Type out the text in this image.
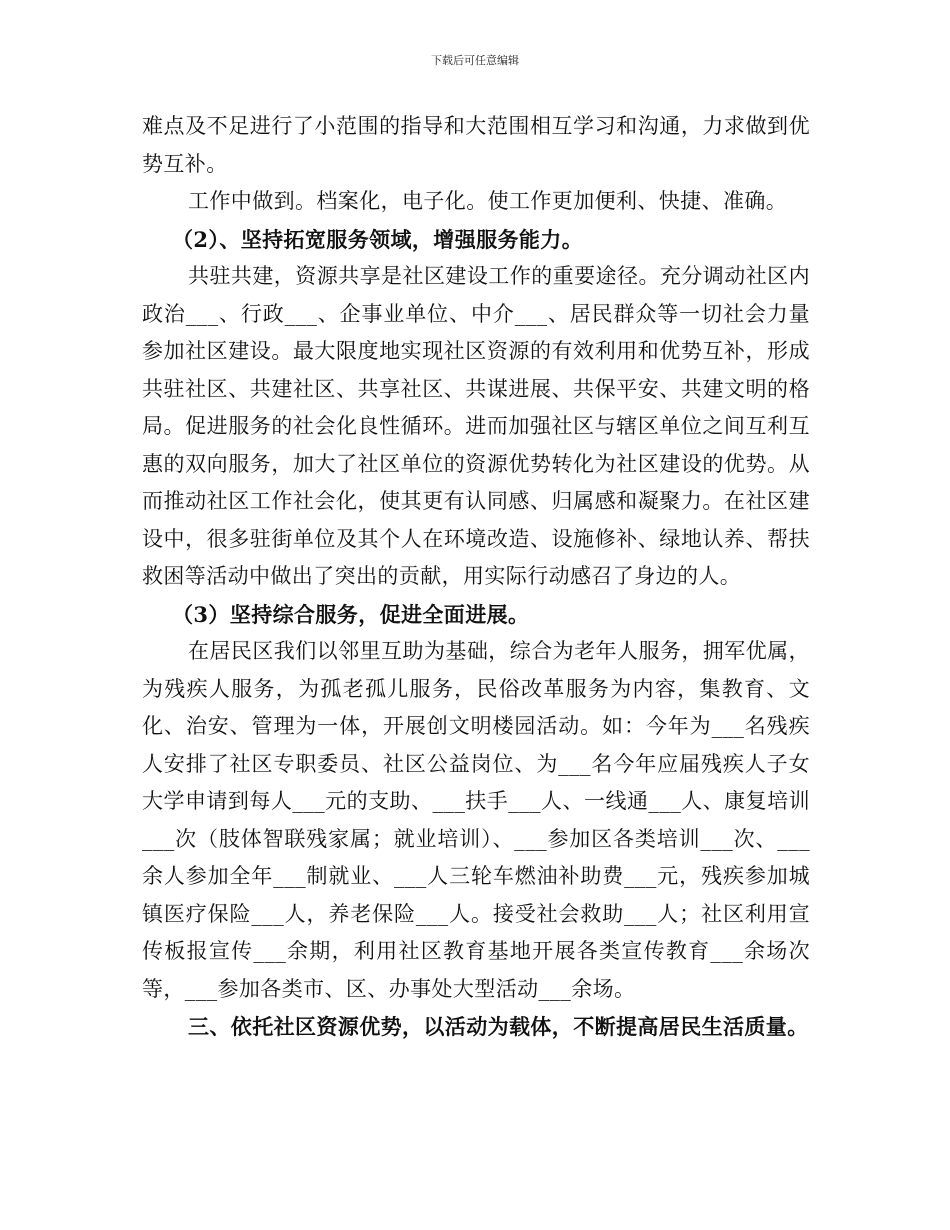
下载后可任意编辑

难点及不足进行了小范围的指导和大范围相互学习和沟通，力求做到优势互补。

工作中做到。档案化，电子化。使工作更加便利、快捷、准确。

（2）、坚持拓宽服务领域，增强服务能力。

共驻共建，资源共享是社区建设工作的重要途径。充分调动社区内政治___、行政___、企事业单位、中介___、居民群众等一切社会力量参加社区建设。最大限度地实现社区资源的有效利用和优势互补，形成共驻社区、共建社区、共享社区、共谋进展、共保平安、共建文明的格局。促进服务的社会化良性循环。进而加强社区与辖区单位之间互利互惠的双向服务，加大了社区单位的资源优势转化为社区建设的优势。从而推动社区工作社会化，使其更有认同感、归属感和凝聚力。在社区建设中，很多驻街单位及其个人在环境改造、设施修补、绿地认养、帮扶救困等活动中做出了突出的贡献，用实际行动感召了身边的人。

（3）坚持综合服务，促进全面进展。

在居民区我们以邻里互助为基础，综合为老年人服务，拥军优属，为残疾人服务，为孤老孤儿服务，民俗改革服务为内容，集教育、文化、治安、管理为一体，开展创文明楼园活动。如：今年为___名残疾人安排了社区专职委员、社区公益岗位、为___名今年应届残疾人子女大学申请到每人___元的支助、___扶手___人、一线通___人、康复培训___次（肢体智联残家属；就业培训）、___参加区各类培训___次、___余人参加全年___制就业、___人三轮车燃油补助费___元，残疾参加城镇医疗保险___人，养老保险___人。接受社会救助___人；社区利用宣传板报宣传___余期，利用社区教育基地开展各类宣传教育___余场次等，___参加各类市、区、办事处大型活动___余场。

三、依托社区资源优势，以活动为载体，不断提高居民生活质量。
